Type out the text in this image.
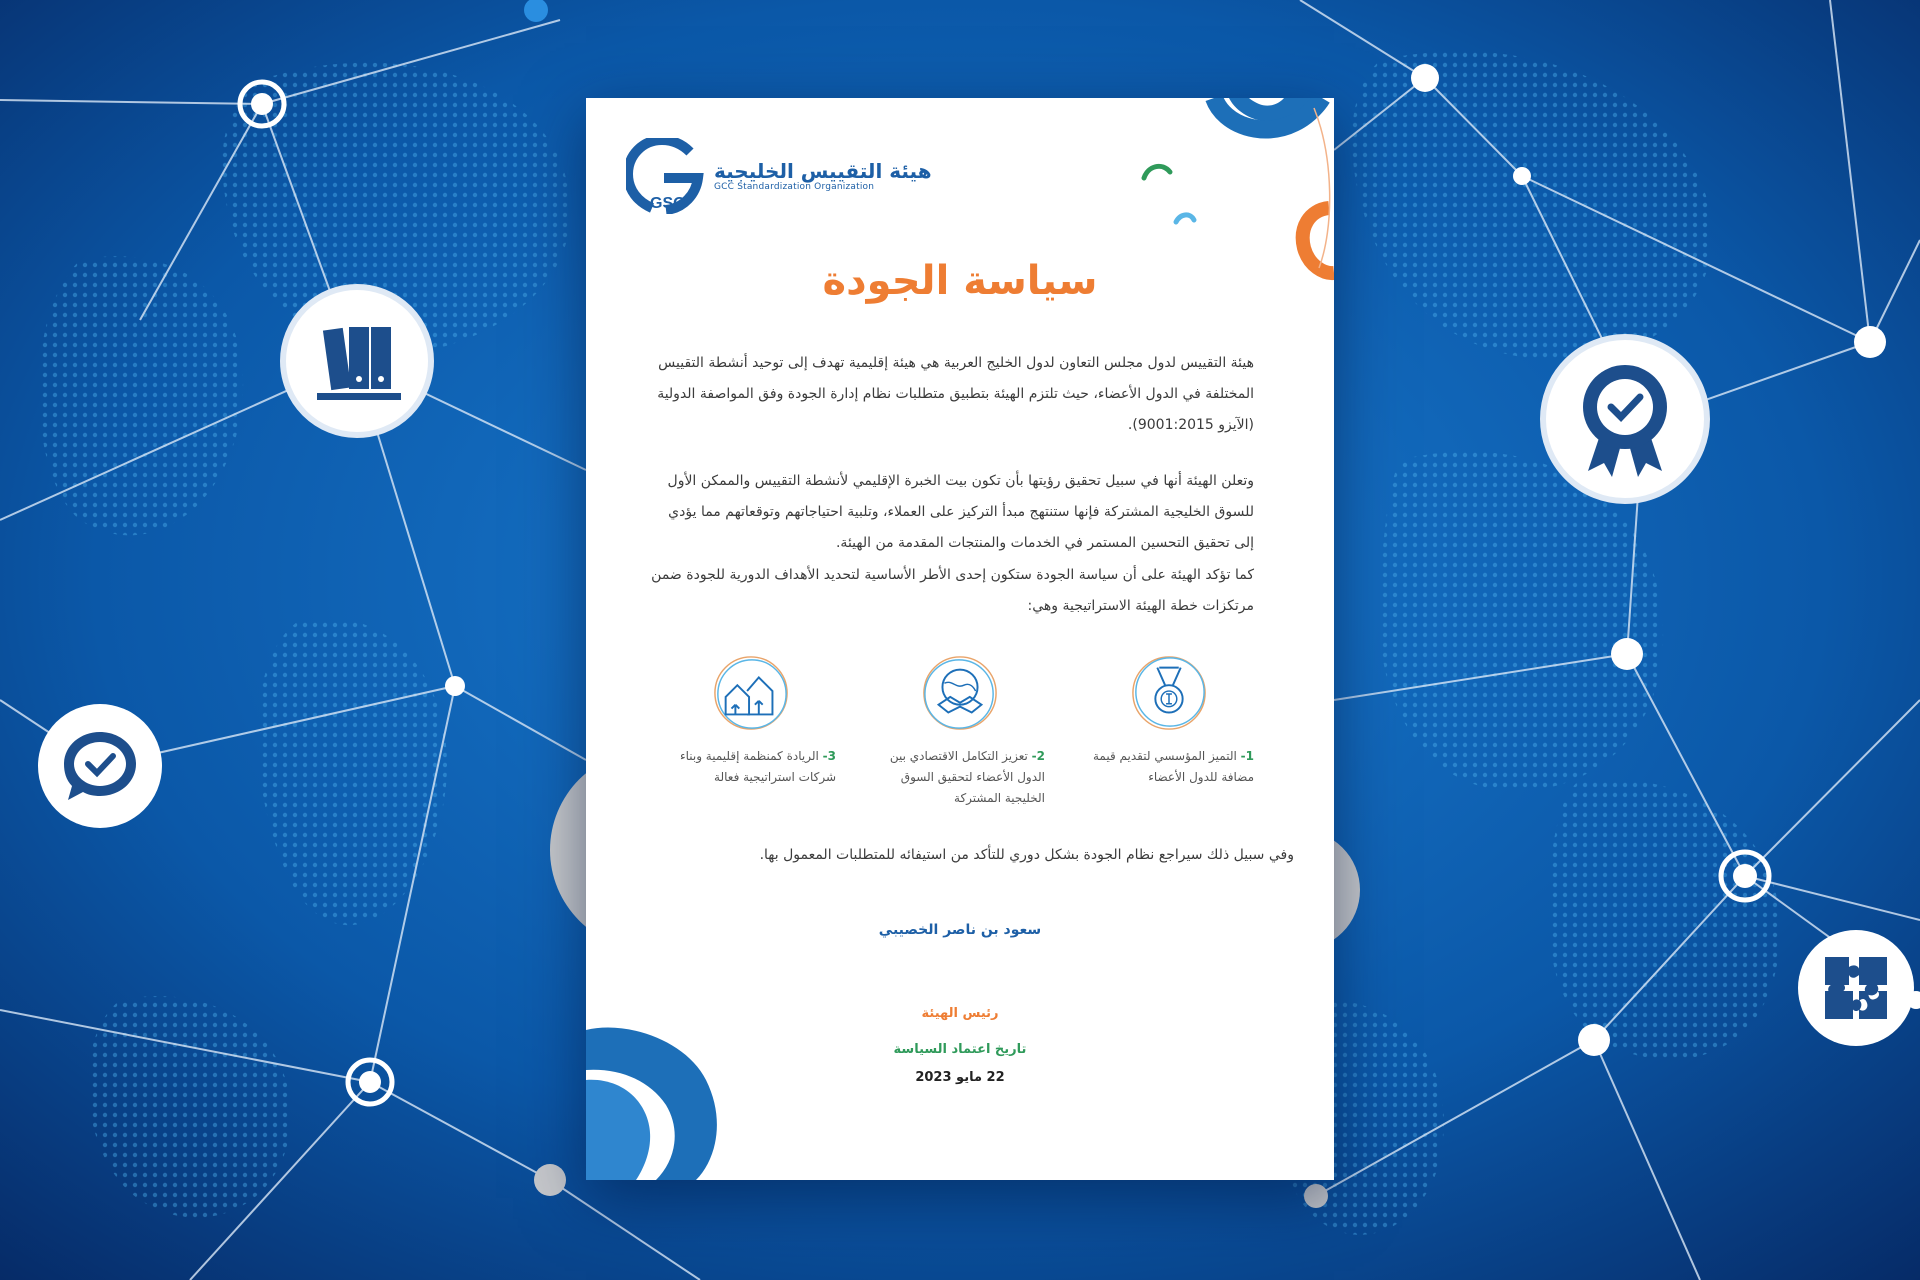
GSO
هيئة التقييس الخليجية
GCC Standardization Organization
سياسة الجودة
هيئة التقييس لدول مجلس التعاون لدول الخليج العربية هي هيئة إقليمية تهدف إلى توحيد أنشطة التقييس المختلفة في الدول الأعضاء، حيث تلتزم الهيئة بتطبيق متطلبات نظام إدارة الجودة وفق المواصفة الدولية (الآيزو 9001:2015).
وتعلن الهيئة أنها في سبيل تحقيق رؤيتها بأن تكون بيت الخبرة الإقليمي لأنشطة التقييس والممكن الأول للسوق الخليجية المشتركة فإنها ستنتهج مبدأ التركيز على العملاء، وتلبية احتياجاتهم وتوقعاتهم مما يؤدي إلى تحقيق التحسين المستمر في الخدمات والمنتجات المقدمة من الهيئة.
كما تؤكد الهيئة على أن سياسة الجودة ستكون إحدى الأطر الأساسية لتحديد الأهداف الدورية للجودة ضمن مرتكزات خطة الهيئة الاستراتيجية وهي:
1- التميز المؤسسي لتقديم قيمة مضافة للدول الأعضاء
2- تعزيز التكامل الاقتصادي بين الدول الأعضاء لتحقيق السوق الخليجية المشتركة
3- الريادة كمنظمة إقليمية وبناء شركات استراتيجية فعالة
وفي سبيل ذلك سيراجع نظام الجودة بشكل دوري للتأكد من استيفائه للمتطلبات المعمول بها.
سعود بن ناصر الخصيبي
رئيس الهيئة
تاريخ اعتماد السياسة
22 مايو 2023
